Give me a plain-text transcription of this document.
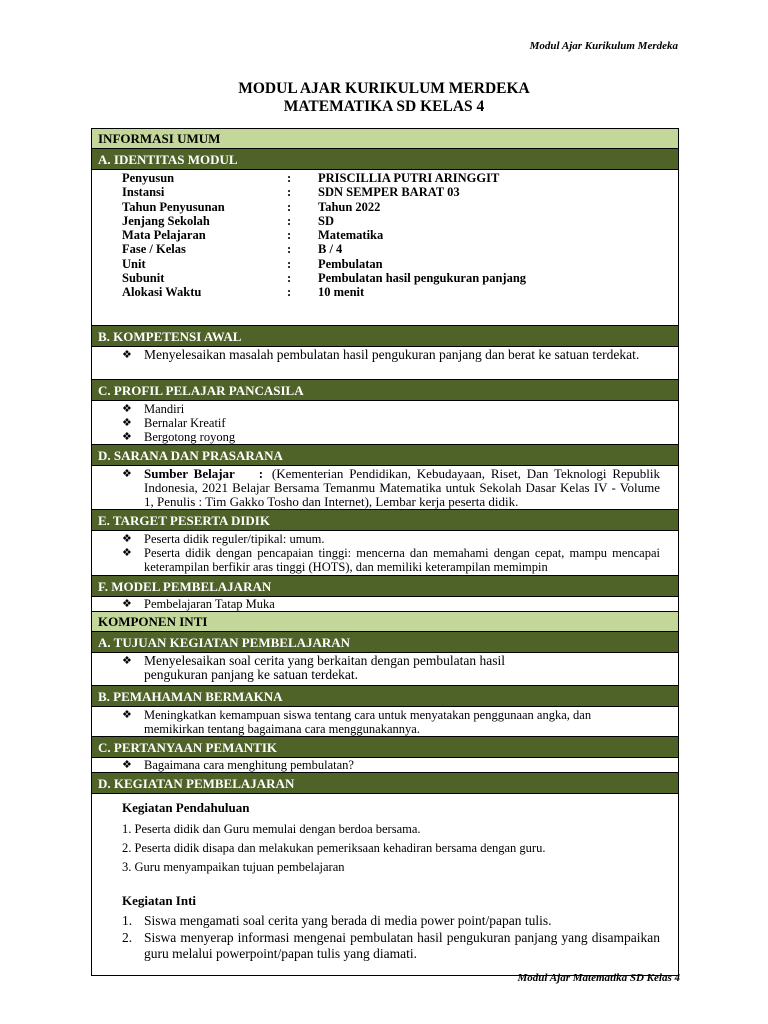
Modul Ajar Kurikulum Merdeka
MODUL AJAR KURIKULUM MERDEKA
MATEMATIKA SD KELAS 4
INFORMASI UMUM
A. IDENTITAS MODUL
Penyusun	:	PRISCILLIA PUTRI ARINGGIT
Instansi	:	SDN SEMPER BARAT 03
Tahun Penyusunan	:	Tahun 2022
Jenjang Sekolah	:	SD
Mata Pelajaran	:	Matematika
Fase / Kelas	:	B / 4
Unit	:	Pembulatan
Subunit	:	Pembulatan hasil pengukuran panjang
Alokasi Waktu	:	10 menit
B. KOMPETENSI AWAL
❖ Menyelesaikan masalah pembulatan hasil pengukuran panjang dan berat ke satuan terdekat.
C. PROFIL PELAJAR PANCASILA
❖ Mandiri
❖ Bernalar Kreatif
❖ Bergotong royong
D. SARANA DAN PRASARANA
❖ Sumber Belajar : (Kementerian Pendidikan, Kebudayaan, Riset, Dan Teknologi Republik Indonesia, 2021 Belajar Bersama Temanmu Matematika untuk Sekolah Dasar Kelas IV - Volume 1, Penulis : Tim Gakko Tosho dan Internet), Lembar kerja peserta didik.
E. TARGET PESERTA DIDIK
❖ Peserta didik reguler/tipikal: umum.
❖ Peserta didik dengan pencapaian tinggi: mencerna dan memahami dengan cepat, mampu mencapai keterampilan berfikir aras tinggi (HOTS), dan memiliki keterampilan memimpin
F. MODEL PEMBELAJARAN
❖ Pembelajaran Tatap Muka
KOMPONEN INTI
A. TUJUAN KEGIATAN PEMBELAJARAN
❖ Menyelesaikan soal cerita yang berkaitan dengan pembulatan hasil pengukuran panjang ke satuan terdekat.
B. PEMAHAMAN BERMAKNA
❖ Meningkatkan kemampuan siswa tentang cara untuk menyatakan penggunaan angka, dan memikirkan tentang bagaimana cara menggunakannya.
C. PERTANYAAN PEMANTIK
❖ Bagaimana cara menghitung pembulatan?
D. KEGIATAN PEMBELAJARAN
Kegiatan Pendahuluan
1. Peserta didik dan Guru memulai dengan berdoa bersama.
2. Peserta didik disapa dan melakukan pemeriksaan kehadiran bersama dengan guru.
3. Guru menyampaikan tujuan pembelajaran
Kegiatan Inti
1. Siswa mengamati soal cerita yang berada di media power point/papan tulis.
2. Siswa menyerap informasi mengenai pembulatan hasil pengukuran panjang yang disampaikan guru melalui powerpoint/papan tulis yang diamati.
Modul Ajar Matematika SD Kelas 4
